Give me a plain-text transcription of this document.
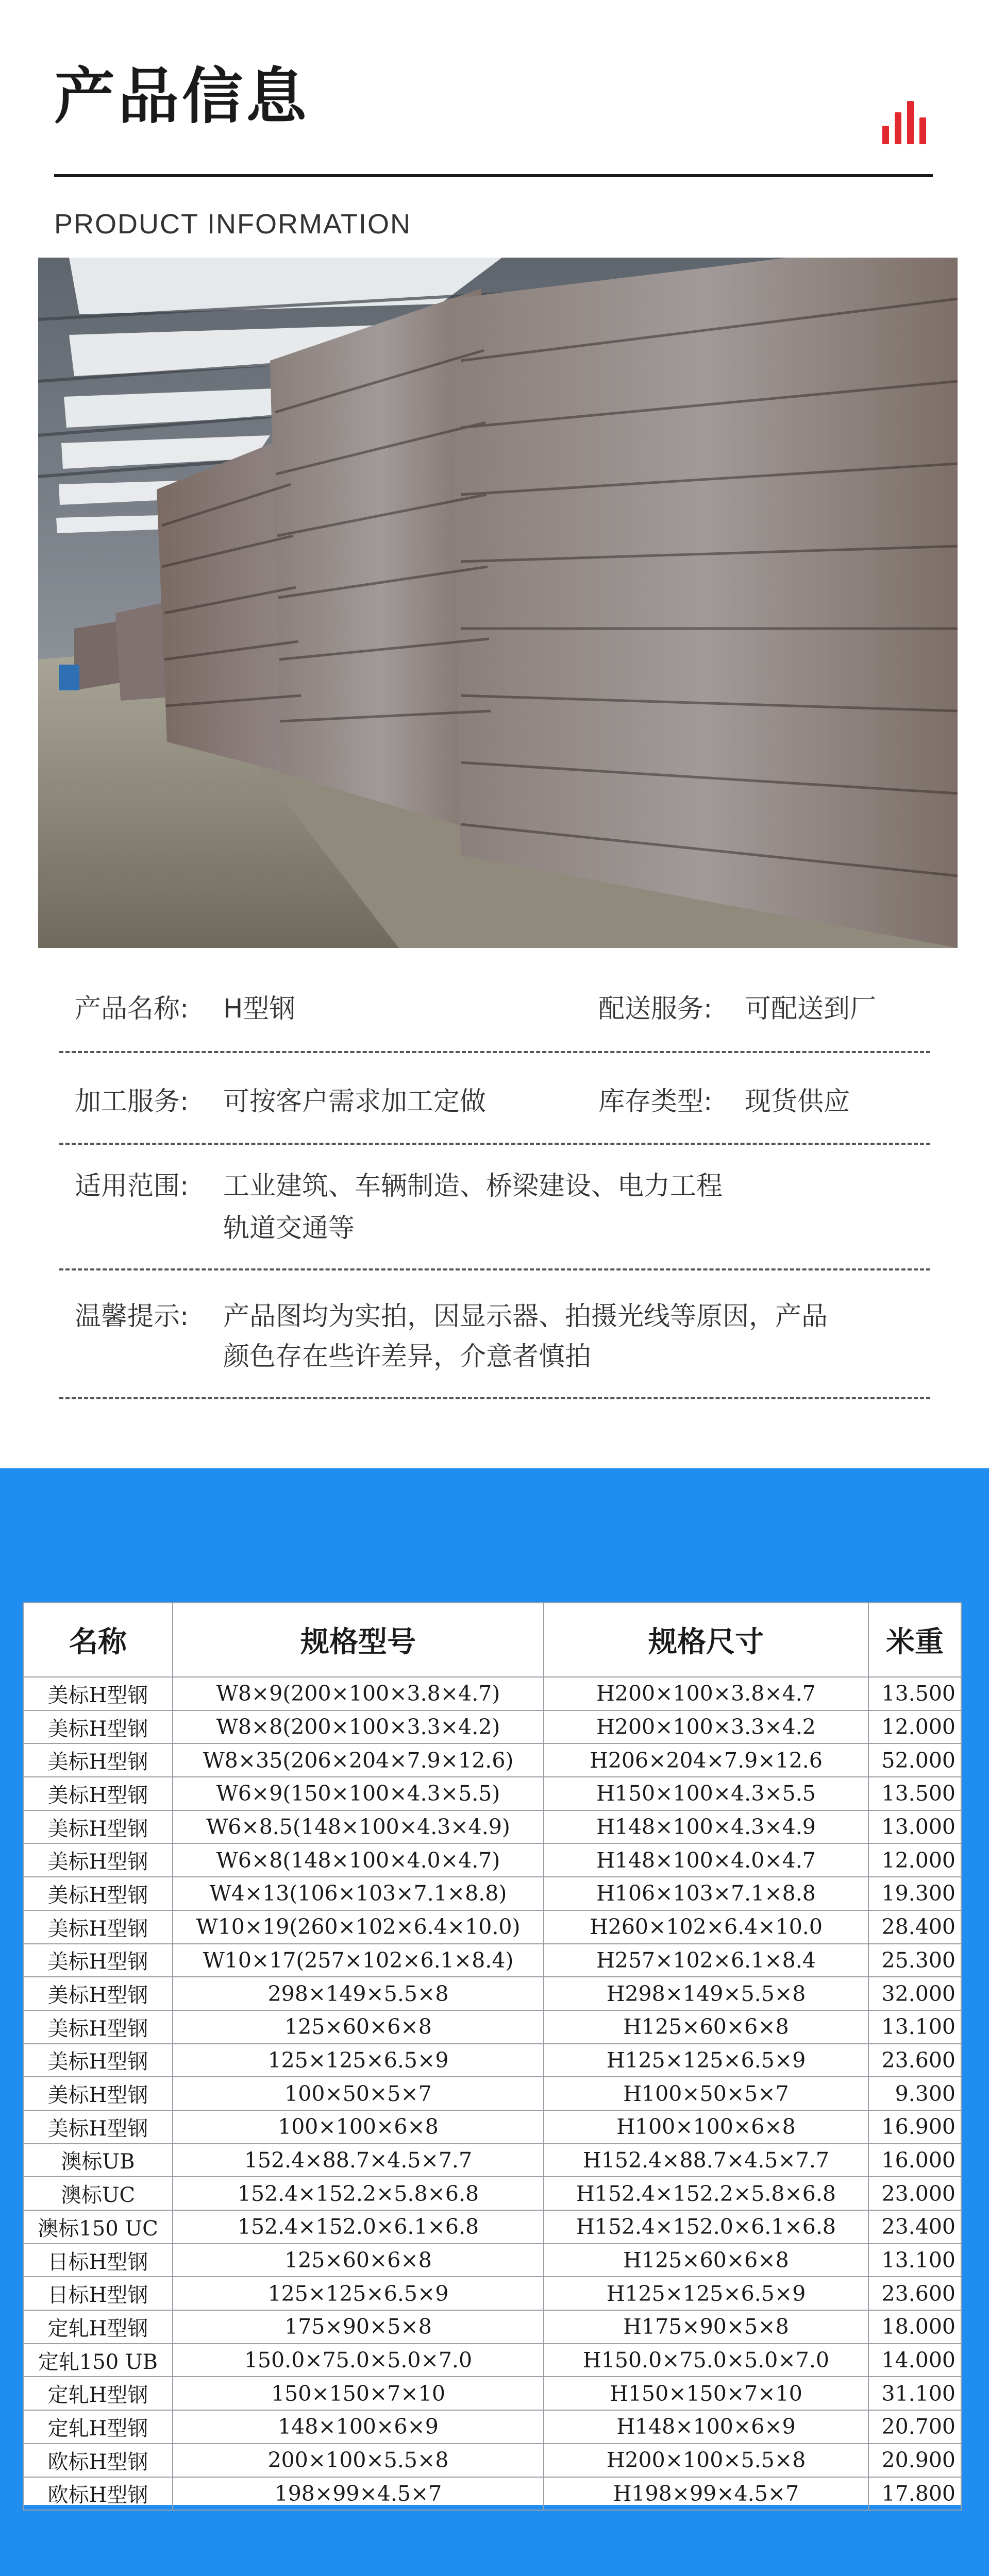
产品信息
PRODUCT INFORMATION
产品名称: H型钢	配送服务: 可配送到厂
加工服务: 可按客户需求加工定做	库存类型: 现货供应
适用范围: 工业建筑、车辆制造、桥梁建设、电力工程
轨道交通等
温馨提示: 产品图均为实拍，因显示器、拍摄光线等原因，产品
颜色存在些许差异，介意者慎拍
名称	规格型号	规格尺寸	米重
美标H型钢	W8×9(200×100×3.8×4.7)	H200×100×3.8×4.7	13.500
美标H型钢	W8×8(200×100×3.3×4.2)	H200×100×3.3×4.2	12.000
美标H型钢	W8×35(206×204×7.9×12.6)	H206×204×7.9×12.6	52.000
美标H型钢	W6×9(150×100×4.3×5.5)	H150×100×4.3×5.5	13.500
美标H型钢	W6×8.5(148×100×4.3×4.9)	H148×100×4.3×4.9	13.000
美标H型钢	W6×8(148×100×4.0×4.7)	H148×100×4.0×4.7	12.000
美标H型钢	W4×13(106×103×7.1×8.8)	H106×103×7.1×8.8	19.300
美标H型钢	W10×19(260×102×6.4×10.0)	H260×102×6.4×10.0	28.400
美标H型钢	W10×17(257×102×6.1×8.4)	H257×102×6.1×8.4	25.300
美标H型钢	298×149×5.5×8	H298×149×5.5×8	32.000
美标H型钢	125×60×6×8	H125×60×6×8	13.100
美标H型钢	125×125×6.5×9	H125×125×6.5×9	23.600
美标H型钢	100×50×5×7	H100×50×5×7	9.300
美标H型钢	100×100×6×8	H100×100×6×8	16.900
澳标UB	152.4×88.7×4.5×7.7	H152.4×88.7×4.5×7.7	16.000
澳标UC	152.4×152.2×5.8×6.8	H152.4×152.2×5.8×6.8	23.000
澳标150 UC	152.4×152.0×6.1×6.8	H152.4×152.0×6.1×6.8	23.400
日标H型钢	125×60×6×8	H125×60×6×8	13.100
日标H型钢	125×125×6.5×9	H125×125×6.5×9	23.600
定轧H型钢	175×90×5×8	H175×90×5×8	18.000
定轧150 UB	150.0×75.0×5.0×7.0	H150.0×75.0×5.0×7.0	14.000
定轧H型钢	150×150×7×10	H150×150×7×10	31.100
定轧H型钢	148×100×6×9	H148×100×6×9	20.700
欧标H型钢	200×100×5.5×8	H200×100×5.5×8	20.900
欧标H型钢	198×99×4.5×7	H198×99×4.5×7	17.800
